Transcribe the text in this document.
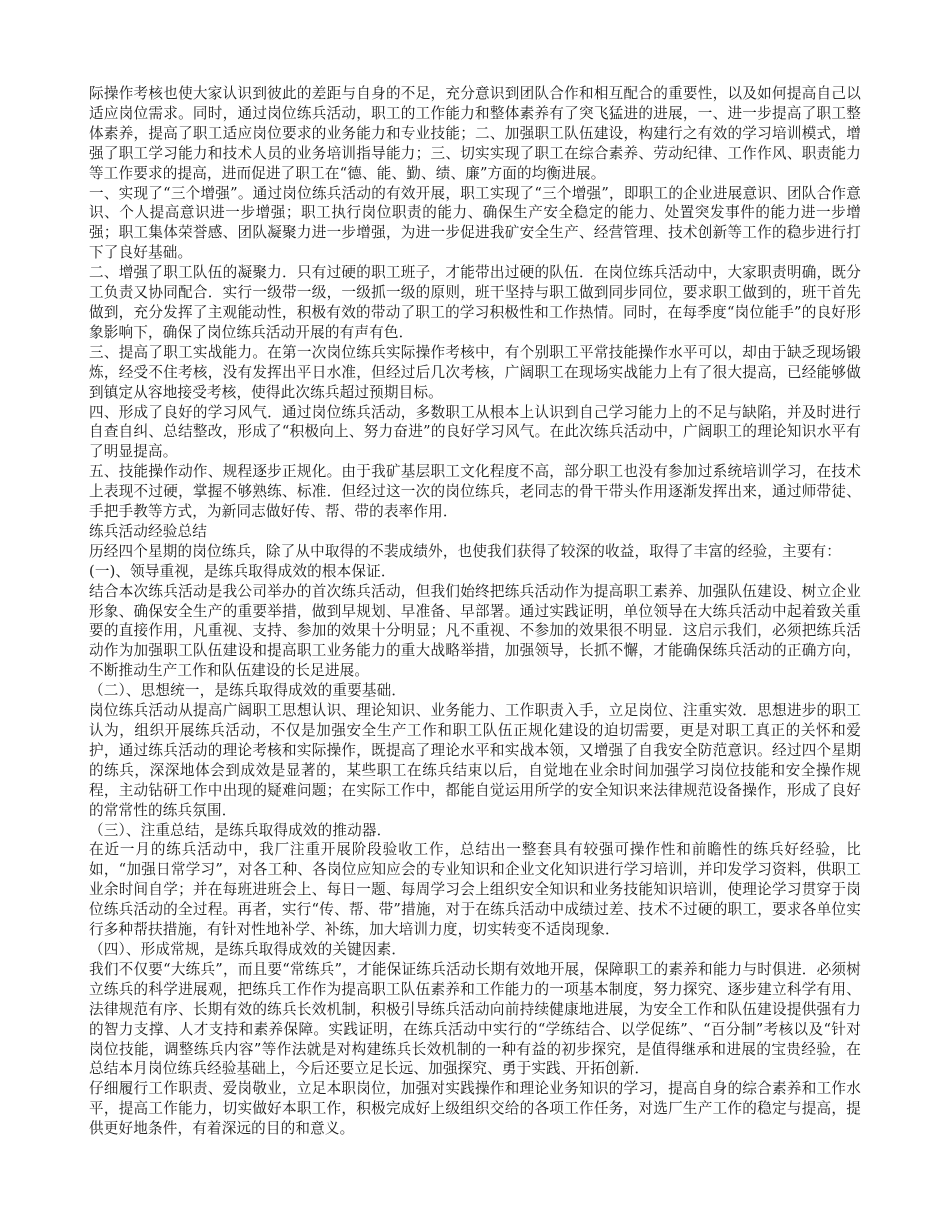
际操作考核也使大家认识到彼此的差距与自身的不足，充分意识到团队合作和相互配合的重要性，以及如何提高自己以适应岗位需求。同时，通过岗位练兵活动，职工的工作能力和整体素养有了突飞猛进的进展，一、进一步提高了职工整体素养，提高了职工适应岗位要求的业务能力和专业技能；二、加强职工队伍建设，构建行之有效的学习培训模式，增强了职工学习能力和技术人员的业务培训指导能力；三、切实实现了职工在综合素养、劳动纪律、工作作风、职责能力等工作要求的提高，进而促进了职工在“德、能、勤、绩、廉”方面的均衡进展。

一、实现了“三个增强”。通过岗位练兵活动的有效开展，职工实现了“三个增强”，即职工的企业进展意识、团队合作意识、个人提高意识进一步增强；职工执行岗位职责的能力、确保生产安全稳定的能力、处置突发事件的能力进一步增强；职工集体荣誉感、团队凝聚力进一步增强，为进一步促进我矿安全生产、经营管理、技术创新等工作的稳步进行打下了良好基础。

二、增强了职工队伍的凝聚力．只有过硬的职工班子，才能带出过硬的队伍．在岗位练兵活动中，大家职责明确，既分工负责又协同配合．实行一级带一级，一级抓一级的原则，班干坚持与职工做到同步同位，要求职工做到的，班干首先做到，充分发挥了主观能动性，积极有效的带动了职工的学习积极性和工作热情。同时，在每季度“岗位能手”的良好形象影响下，确保了岗位练兵活动开展的有声有色．

三、提高了职工实战能力。在第一次岗位练兵实际操作考核中，有个别职工平常技能操作水平可以，却由于缺乏现场锻炼，经受不住考核，没有发挥出平日水准，但经过后几次考核，广阔职工在现场实战能力上有了很大提高，已经能够做到镇定从容地接受考核，使得此次练兵超过预期目标。

四、形成了良好的学习风气．通过岗位练兵活动，多数职工从根本上认识到自己学习能力上的不足与缺陷，并及时进行自查自纠、总结整改，形成了“积极向上、努力奋进”的良好学习风气。在此次练兵活动中，广阔职工的理论知识水平有了明显提高。

五、技能操作动作、规程逐步正规化。由于我矿基层职工文化程度不高，部分职工也没有参加过系统培训学习，在技术上表现不过硬，掌握不够熟练、标准．但经过这一次的岗位练兵，老同志的骨干带头作用逐渐发挥出来，通过师带徒、手把手教等方式，为新同志做好传、帮、带的表率作用．

练兵活动经验总结

历经四个星期的岗位练兵，除了从中取得的不裴成绩外，也使我们获得了较深的收益，取得了丰富的经验，主要有：

(一)、领导重视，是练兵取得成效的根本保证．

结合本次练兵活动是我公司举办的首次练兵活动，但我们始终把练兵活动作为提高职工素养、加强队伍建设、树立企业形象、确保安全生产的重要举措，做到早规划、早准备、早部署。通过实践证明，单位领导在大练兵活动中起着致关重要的直接作用，凡重视、支持、参加的效果十分明显；凡不重视、不参加的效果很不明显．这启示我们，必须把练兵活动作为加强职工队伍建设和提高职工业务能力的重大战略举措，加强领导，长抓不懈，才能确保练兵活动的正确方向，不断推动生产工作和队伍建设的长足进展。

（二）、思想统一，是练兵取得成效的重要基础．

岗位练兵活动从提高广阔职工思想认识、理论知识、业务能力、工作职责入手，立足岗位、注重实效．思想进步的职工认为，组织开展练兵活动，不仅是加强安全生产工作和职工队伍正规化建设的迫切需要，更是对职工真正的关怀和爱护，通过练兵活动的理论考核和实际操作，既提高了理论水平和实战本领，又增强了自我安全防范意识。经过四个星期的练兵，深深地体会到成效是显著的，某些职工在练兵结束以后，自觉地在业余时间加强学习岗位技能和安全操作规程，主动钻研工作中出现的疑难问题；在实际工作中，都能自觉运用所学的安全知识来法律规范设备操作，形成了良好的常常性的练兵氛围．

（三）、注重总结，是练兵取得成效的推动器．

在近一月的练兵活动中，我厂注重开展阶段验收工作，总结出一整套具有较强可操作性和前瞻性的练兵好经验，比如，“加强日常学习”，对各工种、各岗位应知应会的专业知识和企业文化知识进行学习培训，并印发学习资料，供职工业余时间自学；并在每班进班会上、每日一题、每周学习会上组织安全知识和业务技能知识培训，使理论学习贯穿于岗位练兵活动的全过程。再者，实行“传、帮、带”措施，对于在练兵活动中成绩过差、技术不过硬的职工，要求各单位实行多种帮扶措施，有针对性地补学、补练，加大培训力度，切实转变不适岗现象．

（四）、形成常规，是练兵取得成效的关键因素．

我们不仅要“大练兵”，而且要“常练兵”，才能保证练兵活动长期有效地开展，保障职工的素养和能力与时俱进．必须树立练兵的科学进展观，把练兵工作作为提高职工队伍素养和工作能力的一项基本制度，努力探究、逐步建立科学有用、法律规范有序、长期有效的练兵长效机制，积极引导练兵活动向前持续健康地进展，为安全工作和队伍建设提供强有力的智力支撑、人才支持和素养保障。实践证明，在练兵活动中实行的“学练结合、以学促练”、“百分制”考核以及“针对岗位技能，调整练兵内容”等作法就是对构建练兵长效机制的一种有益的初步探究，是值得继承和进展的宝贵经验，在总结本月岗位练兵经验基础上，今后还要立足长远、加强探究、勇于实践、开拓创新．

仔细履行工作职责、爱岗敬业，立足本职岗位，加强对实践操作和理论业务知识的学习，提高自身的综合素养和工作水平，提高工作能力，切实做好本职工作，积极完成好上级组织交给的各项工作任务，对选厂生产工作的稳定与提高，提供更好地条件，有着深远的目的和意义。
